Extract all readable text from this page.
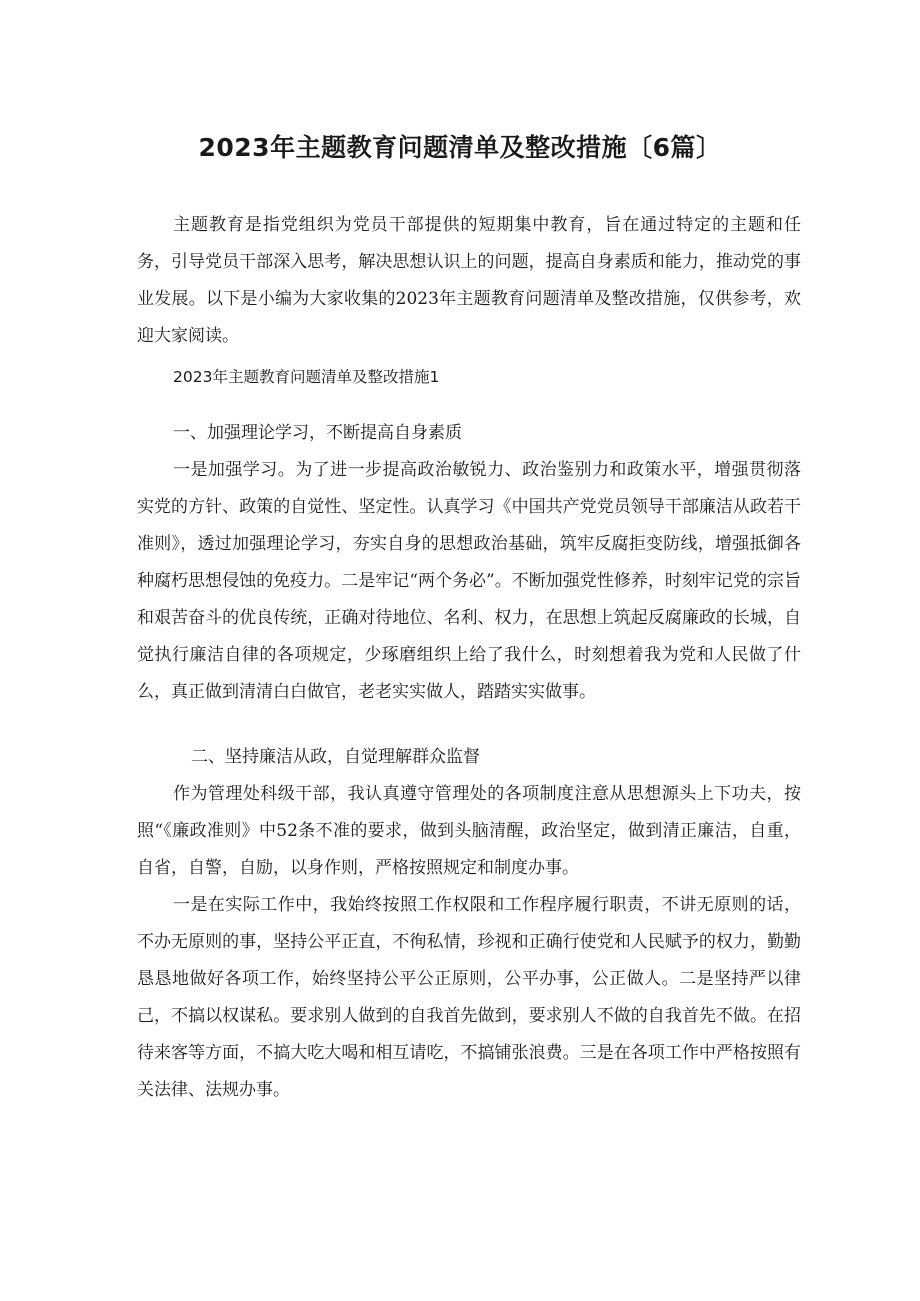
2023年主题教育问题清单及整改措施〔6篇〕

主题教育是指党组织为党员干部提供的短期集中教育，旨在通过特定的主题和任务，引导党员干部深入思考，解决思想认识上的问题，提高自身素质和能力，推动党的事业发展。以下是小编为大家收集的2023年主题教育问题清单及整改措施，仅供参考，欢迎大家阅读。

2023年主题教育问题清单及整改措施1

一、加强理论学习，不断提高自身素质

一是加强学习。为了进一步提高政治敏锐力、政治鉴别力和政策水平，增强贯彻落实党的方针、政策的自觉性、坚定性。认真学习《中国共产党党员领导干部廉洁从政若干准则》，透过加强理论学习，夯实自身的思想政治基础，筑牢反腐拒变防线，增强抵御各种腐朽思想侵蚀的免疫力。二是牢记“两个务必”。不断加强党性修养，时刻牢记党的宗旨和艰苦奋斗的优良传统，正确对待地位、名利、权力，在思想上筑起反腐廉政的长城，自觉执行廉洁自律的各项规定，少琢磨组织上给了我什么，时刻想着我为党和人民做了什么，真正做到清清白白做官，老老实实做人，踏踏实实做事。

二、坚持廉洁从政，自觉理解群众监督

作为管理处科级干部，我认真遵守管理处的各项制度注意从思想源头上下功夫，按照“《廉政准则》中52条不准的要求，做到头脑清醒，政治坚定，做到清正廉洁，自重，自省，自警，自励，以身作则，严格按照规定和制度办事。

一是在实际工作中，我始终按照工作权限和工作程序履行职责，不讲无原则的话，不办无原则的事，坚持公平正直，不徇私情，珍视和正确行使党和人民赋予的权力，勤勤恳恳地做好各项工作，始终坚持公平公正原则，公平办事，公正做人。二是坚持严以律己，不搞以权谋私。要求别人做到的自我首先做到，要求别人不做的自我首先不做。在招待来客等方面，不搞大吃大喝和相互请吃，不搞铺张浪费。三是在各项工作中严格按照有关法律、法规办事。
